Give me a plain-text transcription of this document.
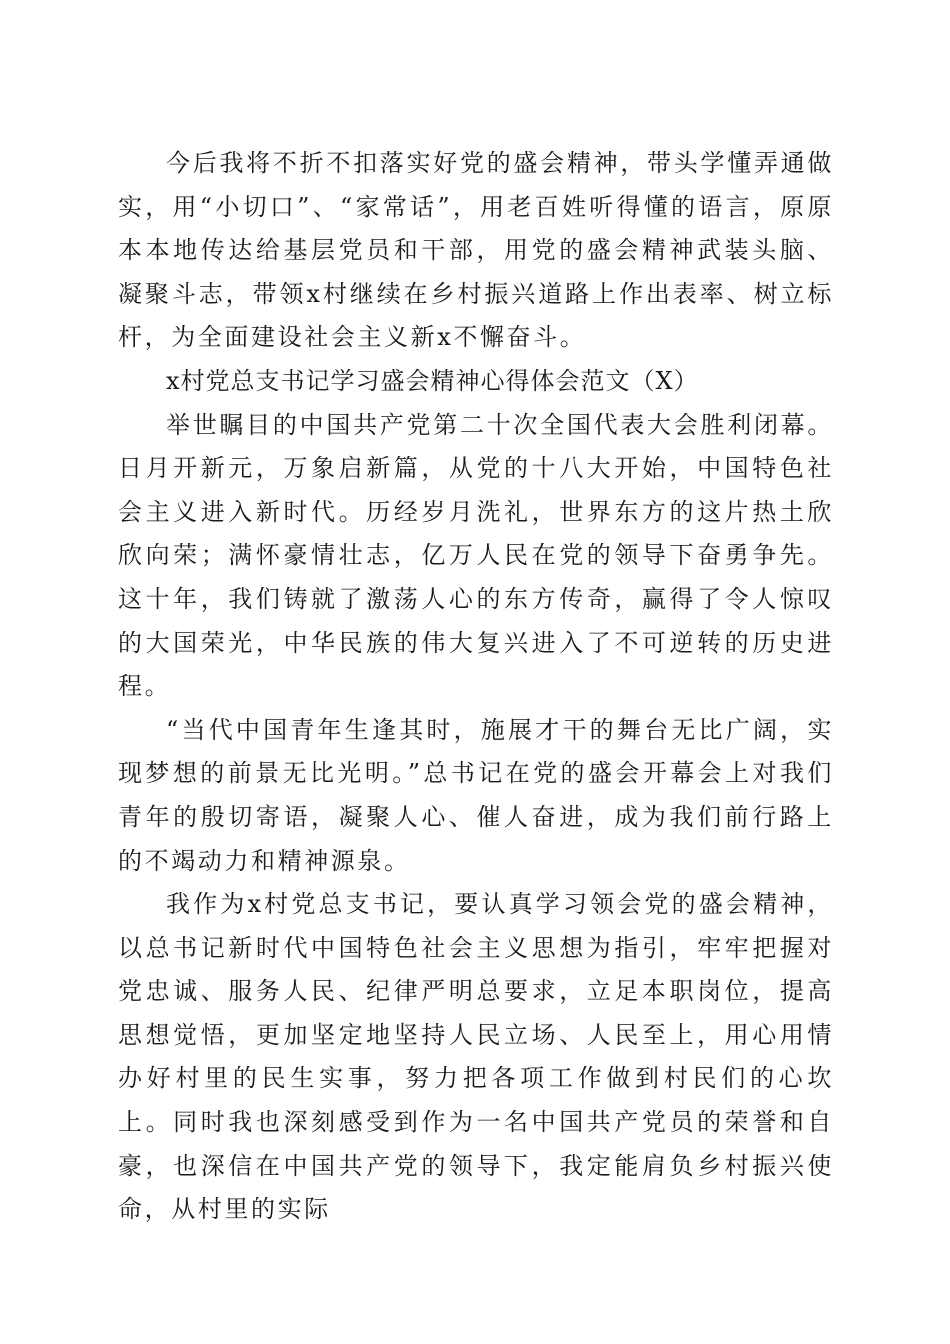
今后我将不折不扣落实好党的盛会精神，带头学懂弄通做实，用“小切口”、“家常话”，用老百姓听得懂的语言，原原本本地传达给基层党员和干部，用党的盛会精神武装头脑、凝聚斗志，带领x村继续在乡村振兴道路上作出表率、树立标杆，为全面建设社会主义新x不懈奋斗。

x村党总支书记学习盛会精神心得体会范文（X）

举世瞩目的中国共产党第二十次全国代表大会胜利闭幕。日月开新元，万象启新篇，从党的十八大开始，中国特色社会主义进入新时代。历经岁月洗礼，世界东方的这片热土欣欣向荣；满怀豪情壮志，亿万人民在党的领导下奋勇争先。这十年，我们铸就了激荡人心的东方传奇，赢得了令人惊叹的大国荣光，中华民族的伟大复兴进入了不可逆转的历史进程。

“当代中国青年生逢其时，施展才干的舞台无比广阔，实现梦想的前景无比光明。”总书记在党的盛会开幕会上对我们青年的殷切寄语，凝聚人心、催人奋进，成为我们前行路上的不竭动力和精神源泉。

我作为x村党总支书记，要认真学习领会党的盛会精神，以总书记新时代中国特色社会主义思想为指引，牢牢把握对党忠诚、服务人民、纪律严明总要求，立足本职岗位，提高思想觉悟，更加坚定地坚持人民立场、人民至上，用心用情办好村里的民生实事，努力把各项工作做到村民们的心坎上。同时我也深刻感受到作为一名中国共产党员的荣誉和自豪，也深信在中国共产党的领导下，我定能肩负乡村振兴使命，从村里的实际
